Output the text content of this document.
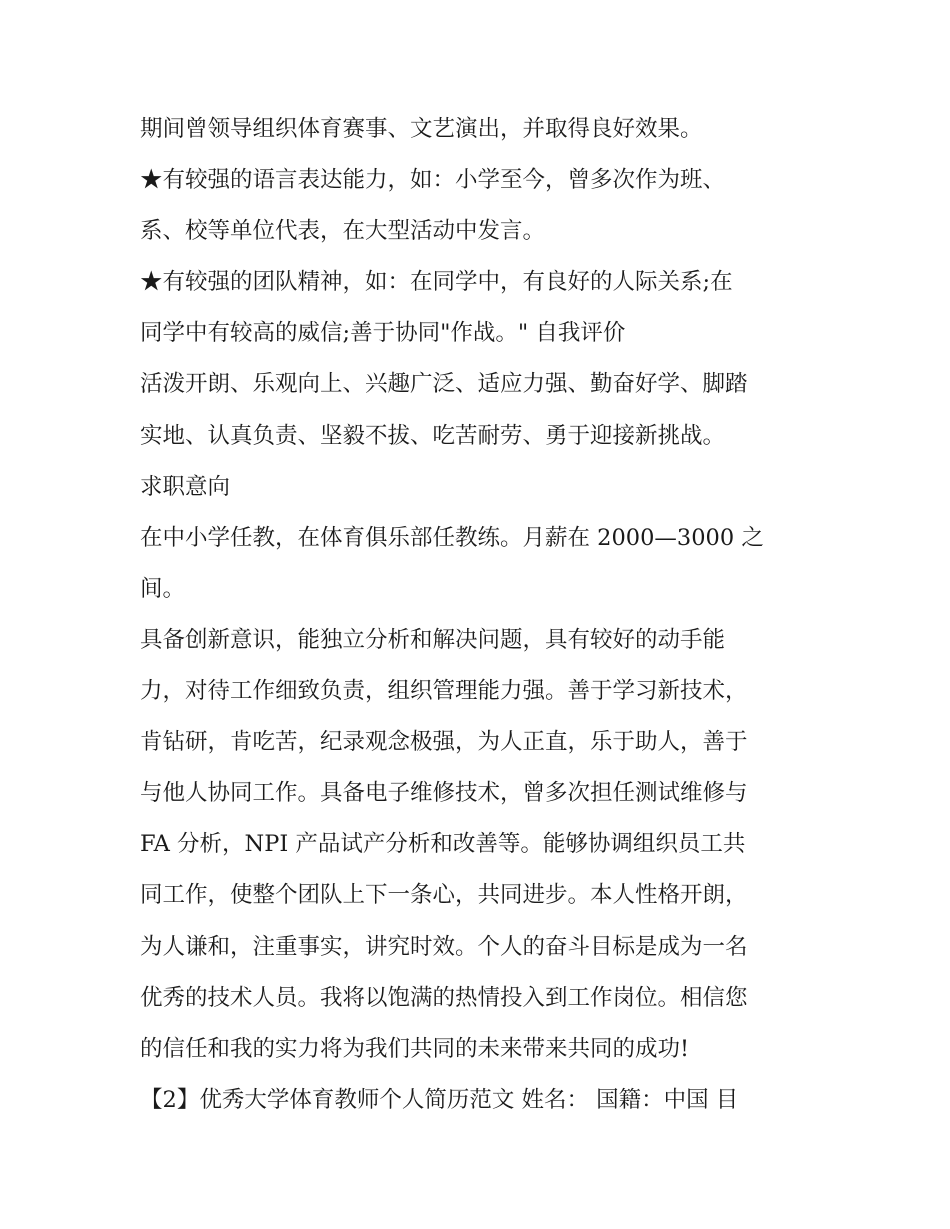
期间曾领导组织体育赛事、文艺演出，并取得良好效果。
★有较强的语言表达能力，如：小学至今，曾多次作为班、
系、校等单位代表，在大型活动中发言。
★有较强的团队精神，如：在同学中，有良好的人际关系;在
同学中有较高的威信;善于协同"作战。" 自我评价
活泼开朗、乐观向上、兴趣广泛、适应力强、勤奋好学、脚踏
实地、认真负责、坚毅不拔、吃苦耐劳、勇于迎接新挑战。
求职意向
在中小学任教，在体育俱乐部任教练。月薪在 2000—3000 之
间。
具备创新意识，能独立分析和解决问题，具有较好的动手能
力，对待工作细致负责，组织管理能力强。善于学习新技术，
肯钻研，肯吃苦，纪录观念极强，为人正直，乐于助人，善于
与他人协同工作。具备电子维修技术，曾多次担任测试维修与
FA 分析，NPI 产品试产分析和改善等。能够协调组织员工共
同工作，使整个团队上下一条心，共同进步。本人性格开朗，
为人谦和，注重事实，讲究时效。个人的奋斗目标是成为一名
优秀的技术人员。我将以饱满的热情投入到工作岗位。相信您
的信任和我的实力将为我们共同的未来带来共同的成功!
【2】优秀大学体育教师个人简历范文 姓名： 国籍：中国 目
